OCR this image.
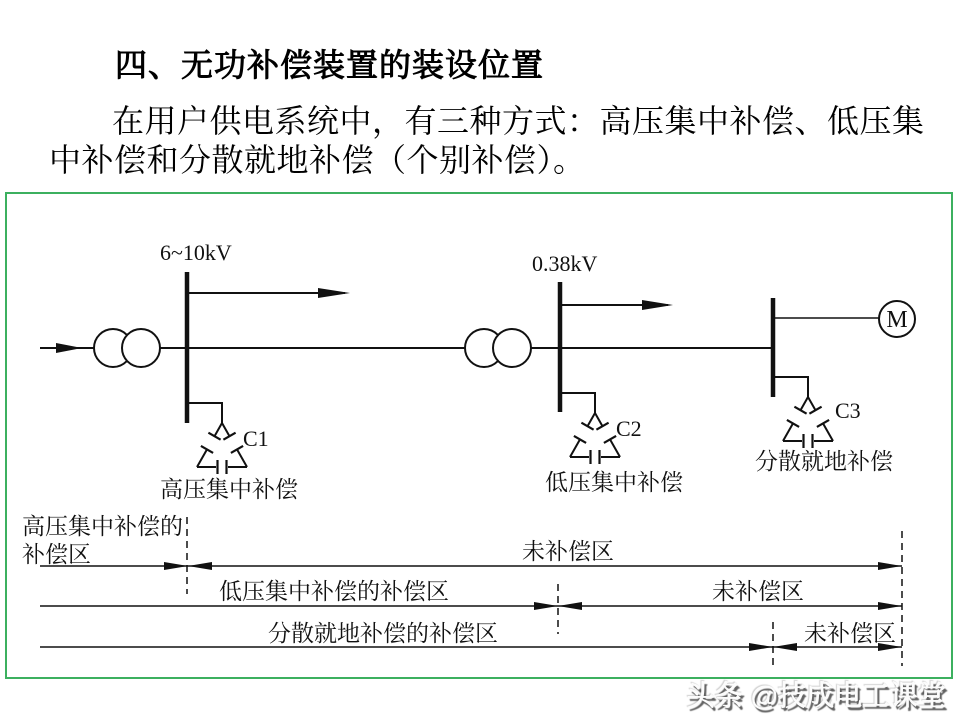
四、无功补偿装置的装设位置
在用户供电系统中，有三种方式：高压集中补偿、低压集
中补偿和分散就地补偿（个别补偿）。
6~10kV	0.38kV
M
C1
高压集中补偿
C2
低压集中补偿
C3
分散就地补偿
高压集中补偿的
补偿区	未补偿区
低压集中补偿的补偿区	未补偿区
分散就地补偿的补偿区	未补偿区
头条 @技成电工课堂
